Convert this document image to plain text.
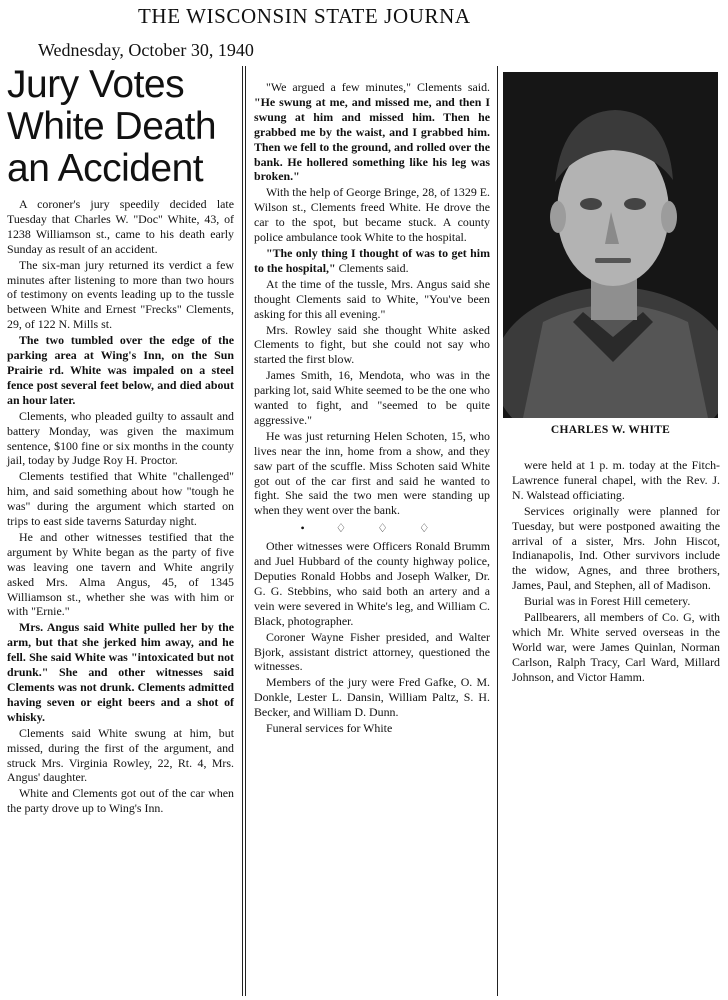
THE WISCONSIN STATE JOURNA
Wednesday, October 30, 1940
Jury Votes
White Death
an Accident

A coroner's jury speedily decided late Tuesday that Charles W. "Doc" White, 43, of 1238 Williamson st., came to his death early Sunday as result of an accident.

The six-man jury returned its verdict a few minutes after listening to more than two hours of testimony on events leading up to the tussle between White and Ernest "Frecks" Clements, 29, of 122 N. Mills st.

The two tumbled over the edge of the parking area at Wing's Inn, on the Sun Prairie rd. White was impaled on a steel fence post several feet below, and died about an hour later.

Clements, who pleaded guilty to assault and battery Monday, was given the maximum sentence, $100 fine or six months in the county jail, today by Judge Roy H. Proctor.

Clements testified that White "challenged" him, and said something about how "tough he was" during the argument which started on trips to east side taverns Saturday night.

He and other witnesses testified that the argument by White began as the party of five was leaving one tavern and White angrily asked Mrs. Alma Angus, 45, of 1345 Williamson st., whether she was with him or with "Ernie."

Mrs. Angus said White pulled her by the arm, but that she jerked him away, and he fell. She said White was "intoxicated but not drunk." She and other witnesses said Clements was not drunk. Clements admitted having seven or eight beers and a shot of whisky.

Clements said White swung at him, but missed, during the first of the argument, and struck Mrs. Virginia Rowley, 22, Rt. 4, Mrs. Angus' daughter.

White and Clements got out of the car when the party drove up to Wing's Inn.

"We argued a few minutes," Clements said. "He swung at me, and missed me, and then I swung at him and missed him. Then he grabbed me by the waist, and I grabbed him. Then we fell to the ground, and rolled over the bank. He hollered something like his leg was broken."

With the help of George Bringe, 28, of 1329 E. Wilson st., Clements freed White. He drove the car to the spot, but became stuck. A county police ambulance took White to the hospital.

"The only thing I thought of was to get him to the hospital," Clements said.

At the time of the tussle, Mrs. Angus said she thought Clements said to White, "You've been asking for this all evening."

Mrs. Rowley said she thought White asked Clements to fight, but she could not say who started the first blow.

James Smith, 16, Mendota, who was in the parking lot, said White seemed to be the one who wanted to fight, and "seemed to be quite aggressive."

He was just returning Helen Schoten, 15, who lives near the inn, home from a show, and they saw part of the scuffle. Miss Schoten said White got out of the car first and said he wanted to fight. She said the two men were standing up when they went over the bank.

• ♢ ♢ ♢

Other witnesses were Officers Ronald Brumm and Juel Hubbard of the county highway police, Deputies Ronald Hobbs and Joseph Walker, Dr. G. G. Stebbins, who said both an artery and a vein were severed in White's leg, and William C. Black, photographer.

Coroner Wayne Fisher presided, and Walter Bjork, assistant district attorney, questioned the witnesses.

Members of the jury were Fred Gafke, O. M. Donkle, Lester L. Dansin, William Paltz, S. H. Becker, and William D. Dunn.

Funeral services for White

CHARLES W. WHITE

were held at 1 p. m. today at the Fitch-Lawrence funeral chapel, with the Rev. J. N. Walstead officiating.

Services originally were planned for Tuesday, but were postponed awaiting the arrival of a sister, Mrs. John Hiscot, Indianapolis, Ind. Other survivors include the widow, Agnes, and three brothers, James, Paul, and Stephen, all of Madison.

Burial was in Forest Hill cemetery.

Pallbearers, all members of Co. G, with which Mr. White served overseas in the World war, were James Quinlan, Norman Carlson, Ralph Tracy, Carl Ward, Millard Johnson, and Victor Hamm.
